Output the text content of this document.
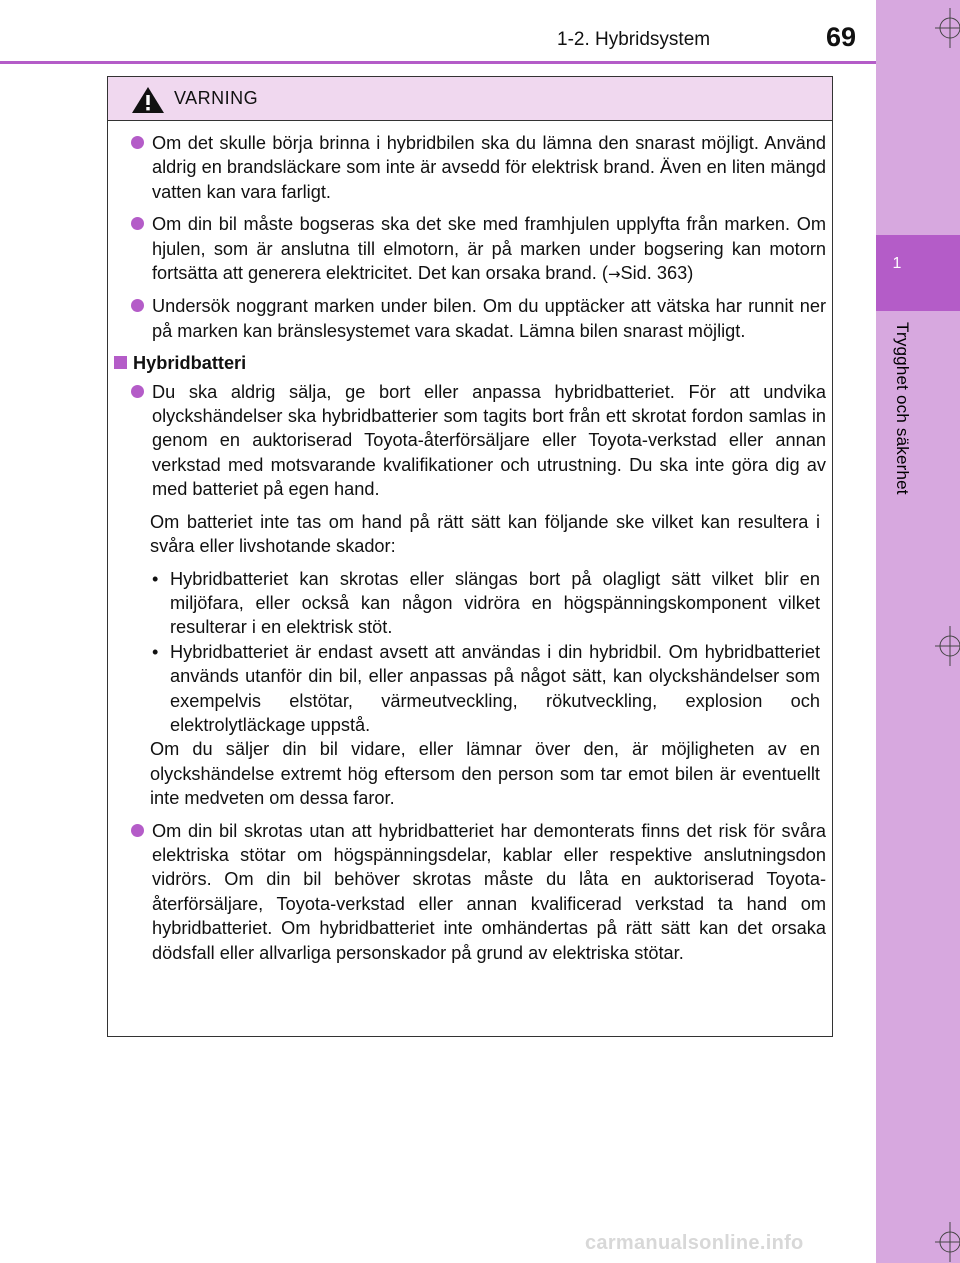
1
Trygghet och säkerhet
1-2. Hybridsystem	69
VARNING
Om det skulle börja brinna i hybridbilen ska du lämna den snarast möjligt. Använd aldrig en brandsläckare som inte är avsedd för elektrisk brand. Även en liten mängd vatten kan vara farligt.
Om din bil måste bogseras ska det ske med framhjulen upplyfta från marken. Om hjulen, som är anslutna till elmotorn, är på marken under bogsering kan motorn fortsätta att generera elektricitet. Det kan orsaka brand. (→Sid. 363)
Undersök noggrant marken under bilen. Om du upptäcker att vätska har runnit ner på marken kan bränslesystemet vara skadat. Lämna bilen snarast möjligt.
Hybridbatteri
Du ska aldrig sälja, ge bort eller anpassa hybridbatteriet. För att undvika olyckshändelser ska hybridbatterier som tagits bort från ett skrotat fordon samlas in genom en auktoriserad Toyota-återförsäljare eller Toyota-verkstad eller annan verkstad med motsvarande kvalifikationer och utrustning. Du ska inte göra dig av med batteriet på egen hand.
Om batteriet inte tas om hand på rätt sätt kan följande ske vilket kan resultera i svåra eller livshotande skador:
• Hybridbatteriet kan skrotas eller slängas bort på olagligt sätt vilket blir en miljöfara, eller också kan någon vidröra en högspänningskomponent vilket resulterar i en elektrisk stöt.
• Hybridbatteriet är endast avsett att användas i din hybridbil. Om hybridbatteriet används utanför din bil, eller anpassas på något sätt, kan olyckshändelser som exempelvis elstötar, värmeutveckling, rökutveckling, explosion och elektrolytläckage uppstå.
Om du säljer din bil vidare, eller lämnar över den, är möjligheten av en olyckshändelse extremt hög eftersom den person som tar emot bilen är eventuellt inte medveten om dessa faror.
Om din bil skrotas utan att hybridbatteriet har demonterats finns det risk för svåra elektriska stötar om högspänningsdelar, kablar eller respektive anslutningsdon vidrörs. Om din bil behöver skrotas måste du låta en auktoriserad Toyota-återförsäljare, Toyota-verkstad eller annan kvalificerad verkstad ta hand om hybridbatteriet. Om hybridbatteriet inte omhändertas på rätt sätt kan det orsaka dödsfall eller allvarliga personskador på grund av elektriska stötar.
carmanualsonline.info
